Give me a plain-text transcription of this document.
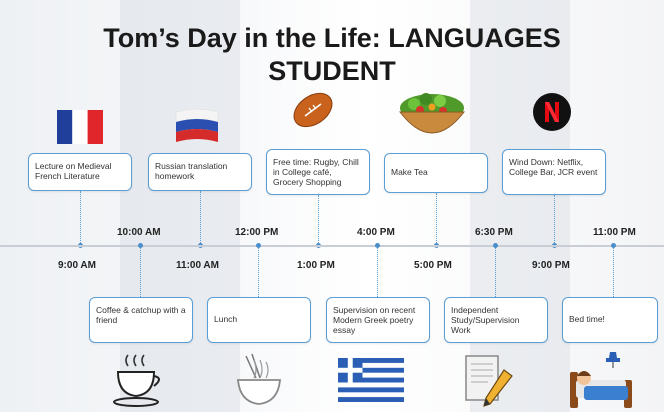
Tom’s Day in the Life: LANGUAGES
STUDENT
Lecture on Medieval French Literature
Russian translation homework
Free time: Rugby, Chill in College café, Grocery Shopping
Make Tea
Wind Down: Netflix, College Bar, JCR event
9:00 AM	11:00 AM	1:00 PM	5:00 PM	9:00 PM
10:00 AM	12:00 PM	4:00 PM	6:30 PM	11:00 PM
Coffee & catchup with a friend	Lunch
Supervision on recent Modern Greek poetry essay
Independent Study/Supervision Work
Bed time!
